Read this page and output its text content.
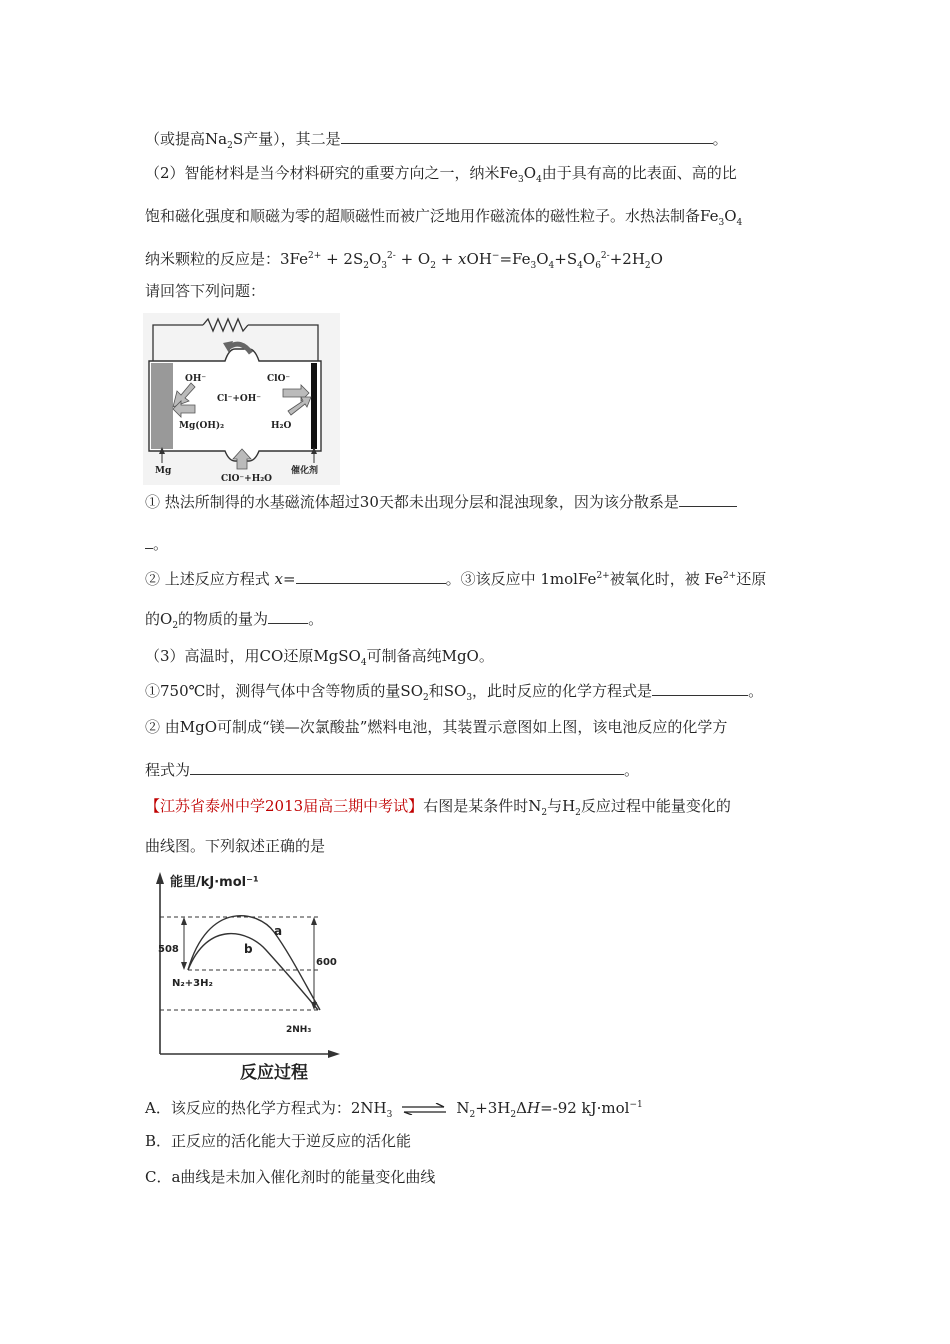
（或提高$Na_2S$产量），其二是	。
（2）智能材料是当今材料研究的重要方向之一，纳米$Fe_3O_4$由于具有高的比表面、高的比
饱和磁化强度和顺磁为零的超顺磁性而被广泛地用作磁流体的磁性粒子。水热法制备$Fe_3O_4$
纳米颗粒的反应是：$3Fe^{2+} + 2S_2O_3^{2-} + O_2 + xOH^-=Fe_3O_4+S_4O_6^{2-}+2H_2O$
请回答下列问题：
OH⁻	ClO⁻
Cl⁻+OH⁻
Mg(OH)₂	H₂O
Mg	催化剂
ClO⁻+H₂O
① 热法所制得的水基磁流体超过30天都未出现分层和混浊现象，因为该分散系是
。
② 上述反应方程式 x=	。③该反应中 1molFe$^{2+}$被氧化时，被 $Fe^{2+}$还原
的$O_2$的物质的量为	。
（3）高温时，用CO还原MgSO$_4$可制备高纯MgO。
①750℃时，测得气体中含等物质的量$SO_2$和$SO_3$，此时反应的化学方程式是	。
② 由MgO可制成“镁—次氯酸盐”燃料电池，其装置示意图如上图，该电池反应的化学方
程式为	。
【江苏省泰州中学2013届高三期中考试】右图是某条件时$N_2$与$H_2$反应过程中能量变化的
曲线图。下列叙述正确的是
能里/kJ·mol⁻¹
a
b
508
600
N₂+3H₂
2NH₃
反应过程
A．该反应的热化学方程式为：$2NH_3$ ⇌ $N_2+3H_2\Delta H=-92$ kJ·mol$^{-1}$
B．正反应的活化能大于逆反应的活化能
C．a曲线是未加入催化剂时的能量变化曲线
